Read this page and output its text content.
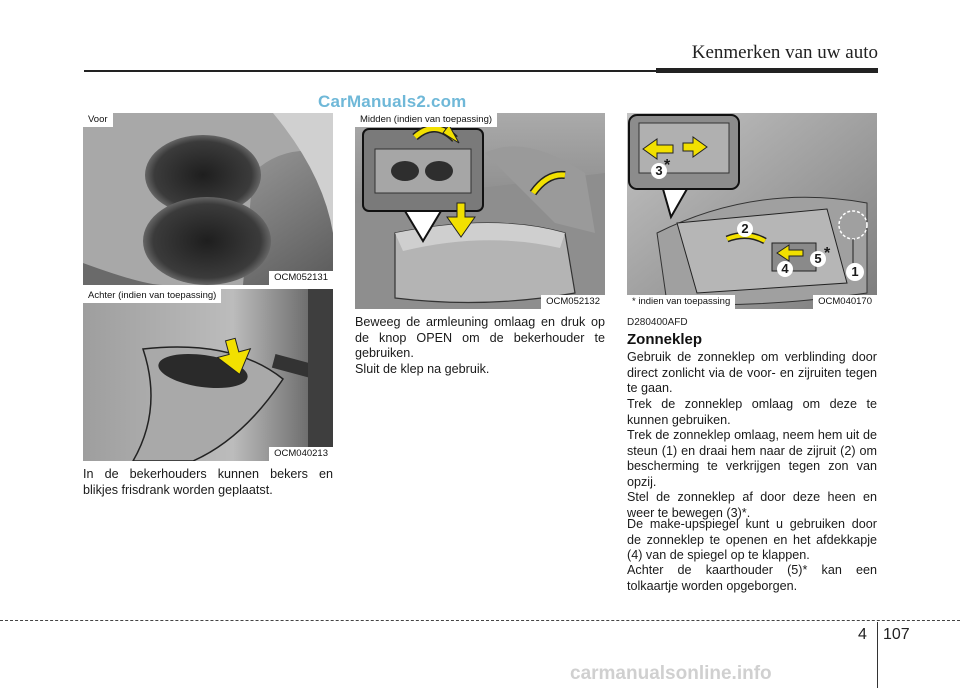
Kenmerken van uw auto
CarManuals2.com
Voor
OCM052131
Achter (indien van toepassing)
OCM040213
In de bekerhouders kunnen bekers en blikjes frisdrank worden geplaatst.
Midden (indien van toepassing)
OCM052132
Beweeg de armleuning omlaag en druk op de knop OPEN om de bekerhouder te gebruiken.
Sluit de klep na gebruik.
1
2
3 *
4
5 *
* indien van toepassing	OCM040170
D280400AFD
Zonneklep
Gebruik de zonneklep om verblinding door direct zonlicht via de voor- en zijruiten tegen te gaan.
Trek de zonneklep omlaag om deze te kunnen gebruiken.
Trek de zonneklep omlaag, neem hem uit de steun (1) en draai hem naar de zijruit (2) om bescherming te verkrijgen tegen zon van opzij.
Stel de zonneklep af door deze heen en weer te bewegen (3)*.
De make-upspiegel kunt u gebruiken door de zonneklep te openen en het afdekkapje (4) van de spiegel op te klappen.
Achter de kaarthouder (5)* kan een tolkaartje worden opgeborgen.
4 107
carmanualsonline.info
